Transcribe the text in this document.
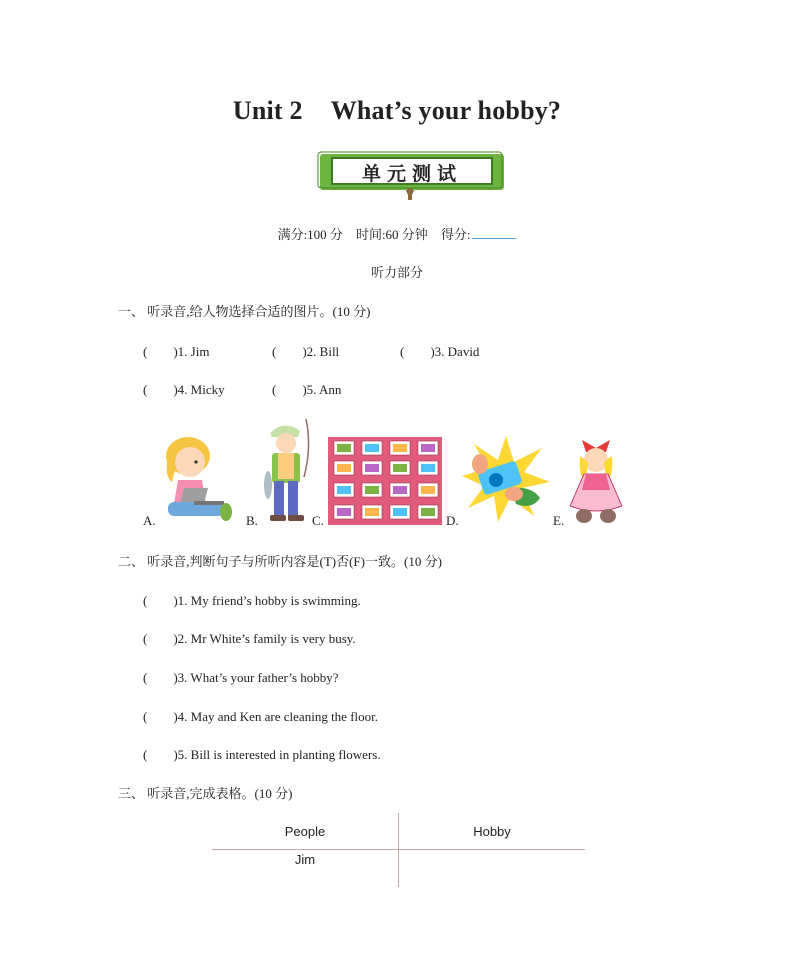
Unit 2 What’s your hobby?
单元测试
满分:100 分 时间:60 分钟 得分:
听力部分
一、 听录音,给人物选择合适的图片。(10 分)
(　　)1. Jim	(　　)2. Bill	(　　)3. David
(　　)4. Micky	(　　)5. Ann
A.	B.	C.	D.	E.
二、 听录音,判断句子与所听内容是(T)否(F)一致。(10 分)
(　　)1. My friend’s hobby is swimming.
(　　)2. Mr White’s family is very busy.
(　　)3. What’s your father’s hobby?
(　　)4. May and Ken are cleaning the floor.
(　　)5. Bill is interested in planting flowers.
三、 听录音,完成表格。(10 分)
People	Hobby
Jim	
